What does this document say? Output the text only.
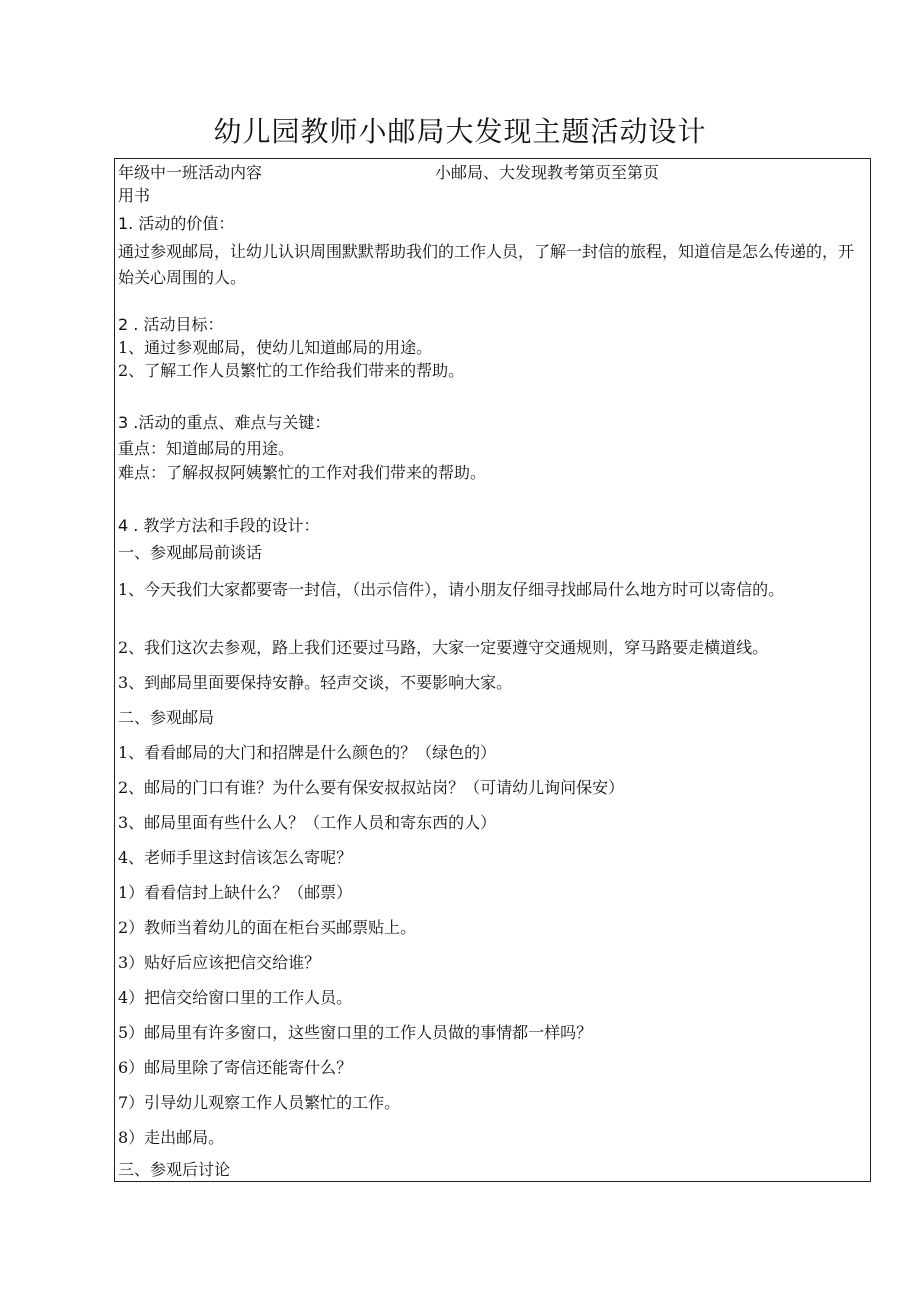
幼儿园教师小邮局大发现主题活动设计
年级中一班活动内容	小邮局、大发现教考第页至第页
用书
1. 活动的价值：
通过参观邮局，让幼儿认识周围默默帮助我们的工作人员，了解一封信的旅程，知道信是怎么传递的，开始关心周围的人。
2 . 活动目标：
1、通过参观邮局，使幼儿知道邮局的用途。
2、了解工作人员繁忙的工作给我们带来的帮助。
3 .活动的重点、难点与关键：
重点：知道邮局的用途。
难点：了解叔叔阿姨繁忙的工作对我们带来的帮助。
4 . 教学方法和手段的设计：
一、参观邮局前谈话
1、今天我们大家都要寄一封信，（出示信件），请小朋友仔细寻找邮局什么地方时可以寄信的。
2、我们这次去参观，路上我们还要过马路，大家一定要遵守交通规则，穿马路要走横道线。
3、到邮局里面要保持安静。轻声交谈，不要影响大家。
二、参观邮局
1、看看邮局的大门和招牌是什么颜色的？（绿色的）
2、邮局的门口有谁？为什么要有保安叔叔站岗？（可请幼儿询问保安）
3、邮局里面有些什么人？（工作人员和寄东西的人）
4、老师手里这封信该怎么寄呢？
1）看看信封上缺什么？（邮票）
2）教师当着幼儿的面在柜台买邮票贴上。
3）贴好后应该把信交给谁？
4）把信交给窗口里的工作人员。
5）邮局里有许多窗口，这些窗口里的工作人员做的事情都一样吗？
6）邮局里除了寄信还能寄什么？
7）引导幼儿观察工作人员繁忙的工作。
8）走出邮局。
三、参观后讨论
